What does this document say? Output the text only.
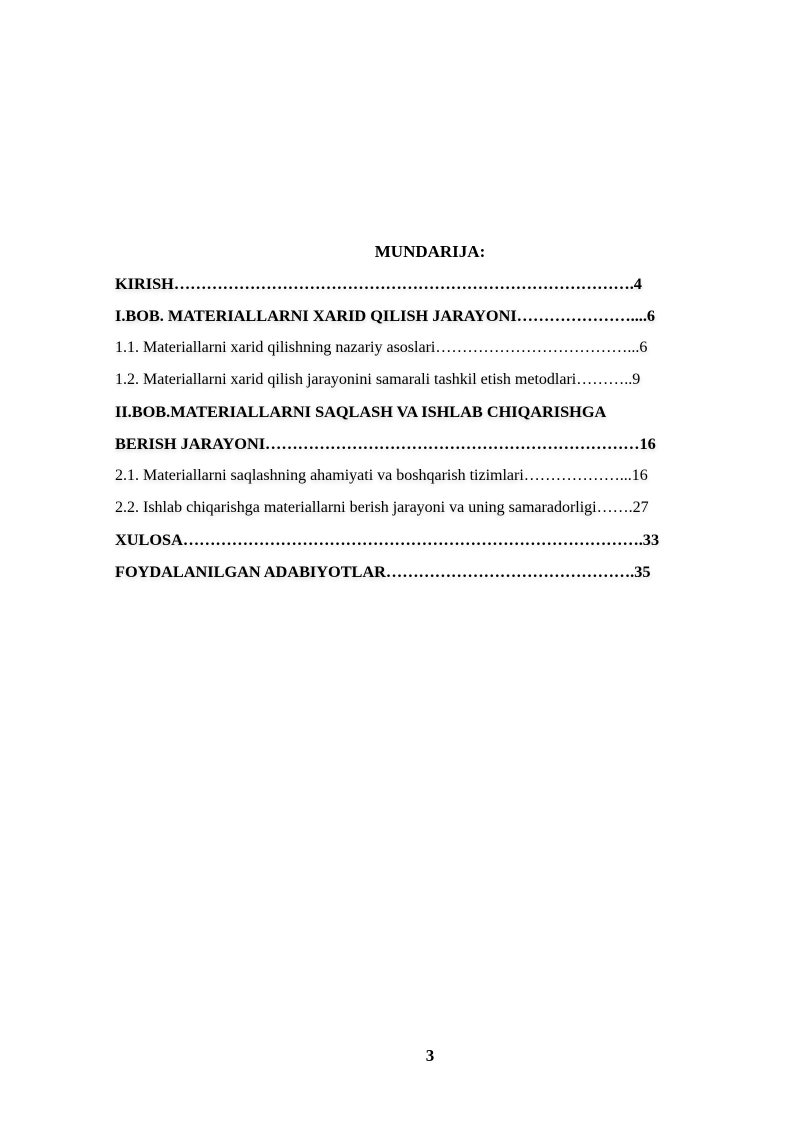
MUNDARIJA:
KIRISH………………………………………………………………………….4
I.BOB. MATERIALLARNI XARID QILISH JARAYONI…………………....6
1.1. Materiallarni xarid qilishning nazariy asoslari………………………………...6
1.2. Materiallarni xarid qilish jarayonini samarali tashkil etish metodlari………..9
II.BOB.MATERIALLARNI SAQLASH VA ISHLAB CHIQARISHGA
BERISH JARAYONI……………………………………………………………16
2.1. Materiallarni saqlashning ahamiyati va boshqarish tizimlari………………...16
2.2. Ishlab chiqarishga materiallarni berish jarayoni va uning samaradorligi…….27
XULOSA………………………………………………………………………….33
FOYDALANILGAN ADABIYOTLAR……………………………………….35
3
